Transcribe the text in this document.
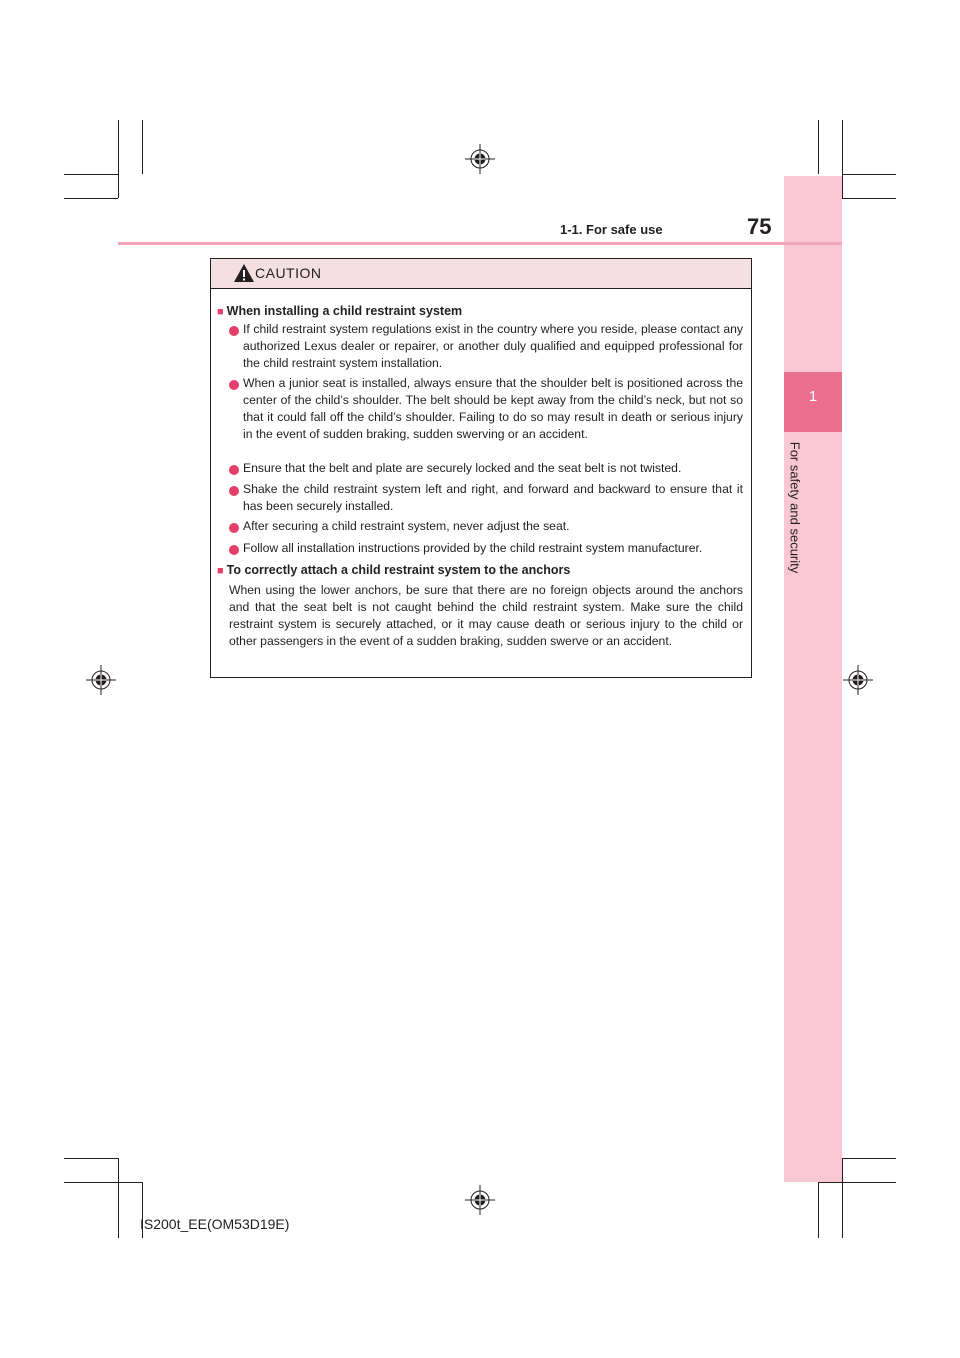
1
For safety and security
1-1. For safe use	75
CAUTION
■ When installing a child restraint system
If child restraint system regulations exist in the country where you reside, please contact any authorized Lexus dealer or repairer, or another duly qualified and equipped professional for the child restraint system installation.
When a junior seat is installed, always ensure that the shoulder belt is positioned across the center of the child’s shoulder. The belt should be kept away from the child’s neck, but not so that it could fall off the child’s shoulder. Failing to do so may result in death or serious injury in the event of sudden braking, sudden swerving or an accident.
Ensure that the belt and plate are securely locked and the seat belt is not twisted.
Shake the child restraint system left and right, and forward and backward to ensure that it has been securely installed.
After securing a child restraint system, never adjust the seat.
Follow all installation instructions provided by the child restraint system manufacturer.
■ To correctly attach a child restraint system to the anchors
When using the lower anchors, be sure that there are no foreign objects around the anchors and that the seat belt is not caught behind the child restraint system. Make sure the child restraint system is securely attached, or it may cause death or serious injury to the child or other passengers in the event of a sudden braking, sudden swerve or an accident.
IS200t_EE(OM53D19E)
